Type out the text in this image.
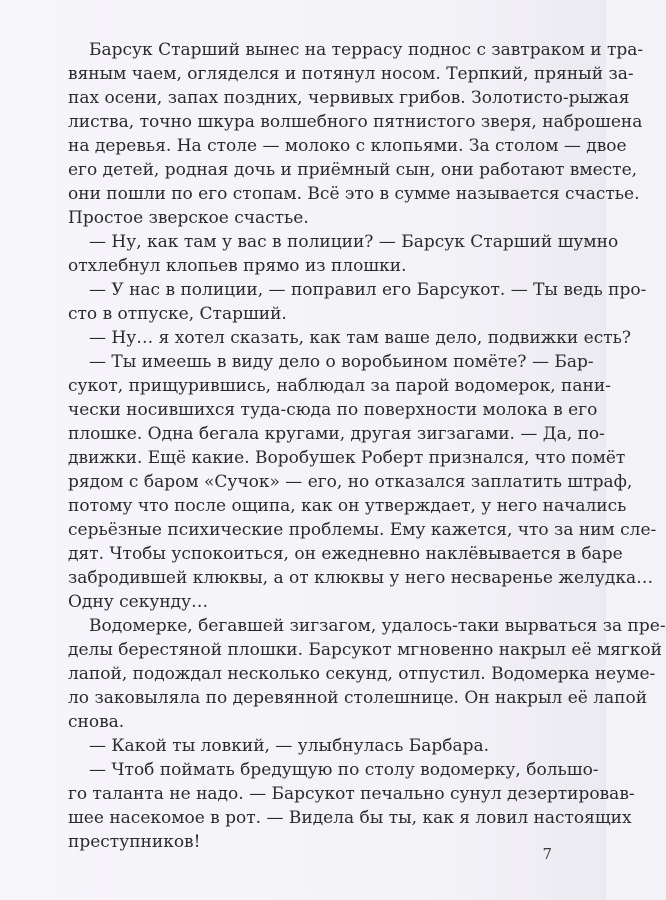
Барсук Старший вынес на террасу поднос с завтраком и тра-
вяным чаем, огляделся и потянул носом. Терпкий, пряный за-
пах осени, запах поздних, червивых грибов. Золотисто-рыжая
листва, точно шкура волшебного пятнистого зверя, наброшена
на деревья. На столе — молоко с клопьями. За столом — двое
его детей, родная дочь и приёмный сын, они работают вместе,
они пошли по его стопам. Всё это в сумме называется счастье.
Простое зверское счастье.
— Ну, как там у вас в полиции? — Барсук Старший шумно
отхлебнул клопьев прямо из плошки.
— У нас в полиции, — поправил его Барсукот. — Ты ведь про-
сто в отпуске, Старший.
— Ну… я хотел сказать, как там ваше дело, подвижки есть?
— Ты имеешь в виду дело о воробьином помёте? — Бар-
сукот, прищурившись, наблюдал за парой водомерок, пани-
чески носившихся туда-сюда по поверхности молока в его
плошке. Одна бегала кругами, другая зигзагами. — Да, по-
движки. Ещё какие. Воробушек Роберт признался, что помёт
рядом с баром «Сучок» — его, но отказался заплатить штраф,
потому что после ощипа, как он утверждает, у него начались
серьёзные психические проблемы. Ему кажется, что за ним сле-
дят. Чтобы успокоиться, он ежедневно наклёвывается в баре
забродившей клюквы, а от клюквы у него несваренье желудка…
Одну секунду…
Водомерке, бегавшей зигзагом, удалось-таки вырваться за пре-
делы берестяной плошки. Барсукот мгновенно накрыл её мягкой
лапой, подождал несколько секунд, отпустил. Водомерка неуме-
ло заковыляла по деревянной столешнице. Он накрыл её лапой
снова.
— Какой ты ловкий, — улыбнулась Барбара.
— Чтоб поймать бредущую по столу водомерку, большо-
го таланта не надо. — Барсукот печально сунул дезертировав-
шее насекомое в рот. — Видела бы ты, как я ловил настоящих
преступников!
7
